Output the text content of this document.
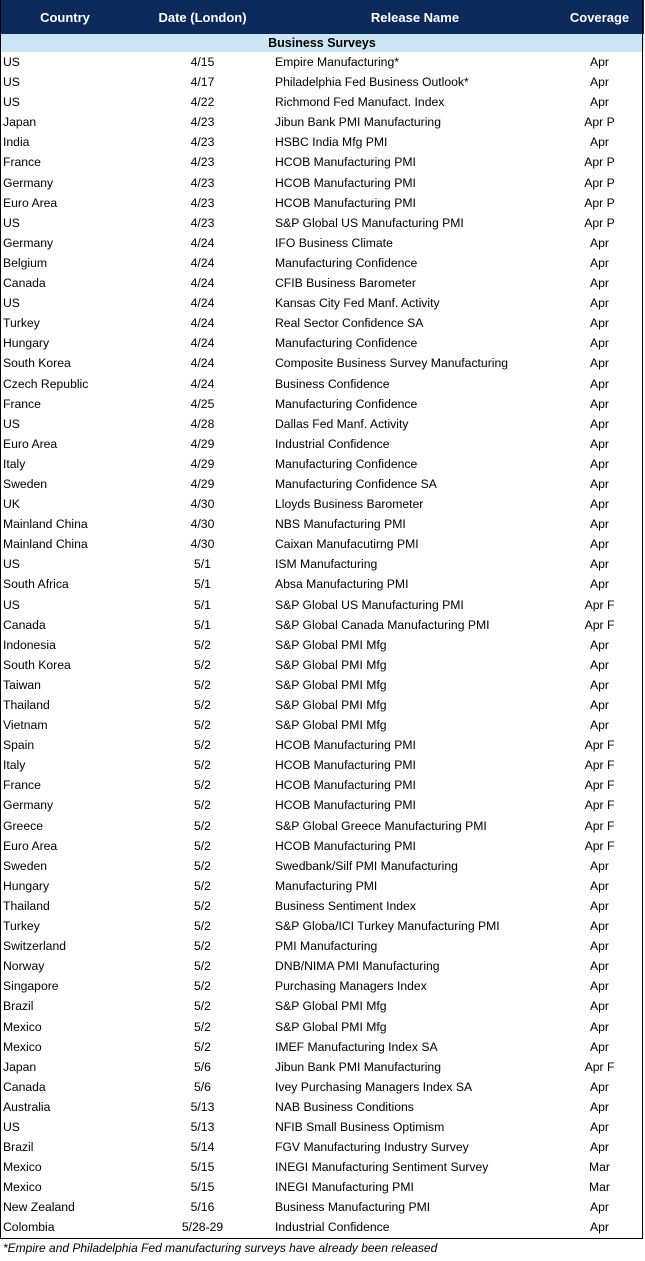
Country	Date (London)	Release Name	Coverage
Business Surveys			
US	4/15	Empire Manufacturing*	Apr
US	4/17	Philadelphia Fed Business Outlook*	Apr
US	4/22	Richmond Fed Manufact. Index	Apr
Japan	4/23	Jibun Bank PMI Manufacturing	Apr P
India	4/23	HSBC India Mfg PMI	Apr
France	4/23	HCOB Manufacturing PMI	Apr P
Germany	4/23	HCOB Manufacturing PMI	Apr P
Euro Area	4/23	HCOB Manufacturing PMI	Apr P
US	4/23	S&P Global US Manufacturing PMI	Apr P
Germany	4/24	IFO Business Climate	Apr
Belgium	4/24	Manufacturing Confidence	Apr
Canada	4/24	CFIB Business Barometer	Apr
US	4/24	Kansas City Fed Manf. Activity	Apr
Turkey	4/24	Real Sector Confidence SA	Apr
Hungary	4/24	Manufacturing Confidence	Apr
South Korea	4/24	Composite Business Survey Manufacturing	Apr
Czech Republic	4/24	Business Confidence	Apr
France	4/25	Manufacturing Confidence	Apr
US	4/28	Dallas Fed Manf. Activity	Apr
Euro Area	4/29	Industrial Confidence	Apr
Italy	4/29	Manufacturing Confidence	Apr
Sweden	4/29	Manufacturing Confidence SA	Apr
UK	4/30	Lloyds Business Barometer	Apr
Mainland China	4/30	NBS Manufacturing PMI	Apr
Mainland China	4/30	Caixan Manufacutirng PMI	Apr
US	5/1	ISM Manufacturing	Apr
South Africa	5/1	Absa Manufacturing PMI	Apr
US	5/1	S&P Global US Manufacturing PMI	Apr F
Canada	5/1	S&P Global Canada Manufacturing PMI	Apr F
Indonesia	5/2	S&P Global PMI Mfg	Apr
South Korea	5/2	S&P Global PMI Mfg	Apr
Taiwan	5/2	S&P Global PMI Mfg	Apr
Thailand	5/2	S&P Global PMI Mfg	Apr
Vietnam	5/2	S&P Global PMI Mfg	Apr
Spain	5/2	HCOB Manufacturing PMI	Apr F
Italy	5/2	HCOB Manufacturing PMI	Apr F
France	5/2	HCOB Manufacturing PMI	Apr F
Germany	5/2	HCOB Manufacturing PMI	Apr F
Greece	5/2	S&P Global Greece Manufacturing PMI	Apr F
Euro Area	5/2	HCOB Manufacturing PMI	Apr F
Sweden	5/2	Swedbank/Silf PMI Manufacturing	Apr
Hungary	5/2	Manufacturing PMI	Apr
Thailand	5/2	Business Sentiment Index	Apr
Turkey	5/2	S&P Globa/ICI Turkey Manufacturing PMI	Apr
Switzerland	5/2	PMI Manufacturing	Apr
Norway	5/2	DNB/NIMA PMI Manufacturing	Apr
Singapore	5/2	Purchasing Managers Index	Apr
Brazil	5/2	S&P Global PMI Mfg	Apr
Mexico	5/2	S&P Global PMI Mfg	Apr
Mexico	5/2	IMEF Manufacturing Index SA	Apr
Japan	5/6	Jibun Bank PMI Manufacturing	Apr F
Canada	5/6	Ivey Purchasing Managers Index SA	Apr
Australia	5/13	NAB Business Conditions	Apr
US	5/13	NFIB Small Business Optimism	Apr
Brazil	5/14	FGV Manufacturing Industry Survey	Apr
Mexico	5/15	INEGI Manufacturing Sentiment Survey	Mar
Mexico	5/15	INEGI Manufacturing PMI	Mar
New Zealand	5/16	Business Manufacturing PMI	Apr
Colombia	5/28-29	Industrial Confidence	Apr
*Empire and Philadelphia Fed manufacturing surveys have already been released
